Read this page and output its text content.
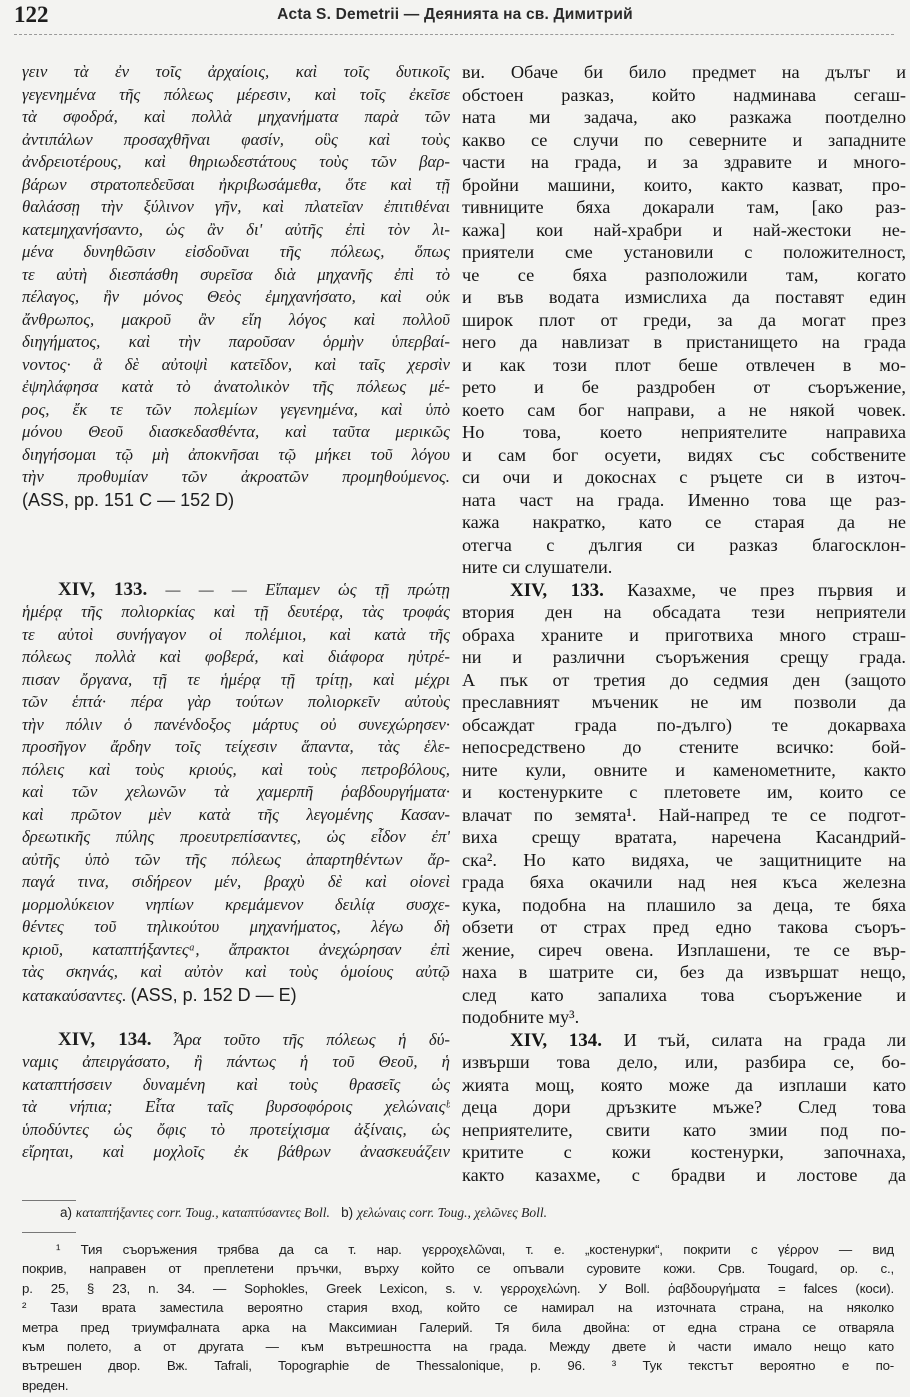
122	Acta S. Demetrii — Деянията на св. Димитрий
γειν τὰ ἐν τοῖς ἀρχαίοις, καὶ τοῖς δυτικοῖς
γεγενημένα τῆς πόλεως μέρεσιν, καὶ τοῖς ἐκεῖσε
τὰ σφοδρά, καὶ πολλὰ μηχανήματα παρὰ τῶν
ἀντιπάλων προσαχθῆναι φασίν, οὓς καὶ τοὺς
ἀνδρειοτέρους, καὶ θηριωδεστάτους τοὺς τῶν βαρ-
βάρων στρατοπεδεῦσαι ἠκριβωσάμεθα, ὅτε καὶ τῇ
θαλάσσῃ τὴν ξύλινον γῆν, καὶ πλατεῖαν ἐπιτιθέναι
κατεμηχανήσαντο, ὡς ἂν δι' αὐτῆς ἐπὶ τὸν λι-
μένα δυνηθῶσιν εἰσδοῦναι τῆς πόλεως, ὅπως
τε αὐτὴ διεσπάσθη συρεῖσα διὰ μηχανῆς ἐπὶ τὸ
πέλαγος, ἣν μόνος Θεὸς ἐμηχανήσατο, καὶ οὐκ
ἄνθρωπος, μακροῦ ἂν εἴη λόγος καὶ πολλοῦ
διηγήματος, καὶ τὴν παροῦσαν ὁρμὴν ὑπερβαί-
νοντος· ἃ δὲ αὐτοψὶ κατεῖδον, καὶ ταῖς χερσὶν
ἐψηλάφησα κατὰ τὸ ἀνατολικὸν τῆς πόλεως μέ-
ρος, ἔκ τε τῶν πολεμίων γεγενημένα, καὶ ὑπὸ
μόνου Θεοῦ διασκεδασθέντα, καὶ ταῦτα μερικῶς
διηγήσομαι τῷ μὴ ἀποκνῆσαι τῷ μήκει τοῦ λόγου
τὴν προθυμίαν τῶν ἀκροατῶν προμηθούμενος.
(ASS, pp. 151 C — 152 D)
XIV, 133. — — — Εἴπαμεν ὡς τῇ πρώτῃ
ἡμέρᾳ τῆς πολιορκίας καὶ τῇ δευτέρᾳ, τὰς τροφάς
τε αὐτοὶ συνήγαγον οἱ πολέμιοι, καὶ κατὰ τῆς
πόλεως πολλὰ καὶ φοβερά, καὶ διάφορα ηὐτρέ-
πισαν ὄργανα, τῇ τε ἡμέρᾳ τῇ τρίτῃ, καὶ μέχρι
τῶν ἑπτά· πέρα γὰρ τούτων πολιορκεῖν αὐτοὺς
τὴν πόλιν ὁ πανένδοξος μάρτυς οὐ συνεχώρησεν·
προσῆγον ἄρδην τοῖς τείχεσιν ἅπαντα, τὰς ἑλε-
πόλεις καὶ τοὺς κριούς, καὶ τοὺς πετροβόλους,
καὶ τῶν χελωνῶν τὰ χαμερπῆ ῥαβδουργήματα·
καὶ πρῶτον μὲν κατὰ τῆς λεγομένης Κασαν-
δρεωτικῆς πύλης προευτρεπίσαντες, ὡς εἶδον ἐπ'
αὐτῆς ὑπὸ τῶν τῆς πόλεως ἀπαρτηθέντων ἄρ-
παγά τινα, σιδήρεον μέν, βραχὺ δὲ καὶ οἱονεὶ
μορμολύκειον νηπίων κρεμάμενον δειλίᾳ συσχε-
θέντες τοῦ τηλικούτου μηχανήματος, λέγω δὴ
κριοῦ, καταπτήξαντεςᵃ, ἄπρακτοι ἀνεχώρησαν ἐπὶ
τὰς σκηνάς, καὶ αὐτὸν καὶ τοὺς ὁμοίους αὐτῷ
κατακαύσαντες. (ASS, p. 152 D — E)
XIV, 134. Ἆρα τοῦτο τῆς πόλεως ἡ δύ-
ναμις ἀπειργάσατο, ἢ πάντως ἡ τοῦ Θεοῦ, ἡ
καταπτήσσειν δυναμένη καὶ τοὺς θρασεῖς ὡς
τὰ νήπια; Εἶτα ταῖς βυρσοφόροις χελώναιςᵇ
ὑποδύντες ὡς ὄφις τὸ προτείχισμα ἀξίναις, ὡς
εἴρηται, καὶ μοχλοῖς ἐκ βάθρων ἀνασκευάζειν
ви. Обаче би било предмет на дълъг и
обстоен разказ, който надминава сегаш-
ната ми задача, ако разкажа поотделно
какво се случи по северните и западните
части на града, и за здравите и много-
бройни машини, които, както казват, про-
тивниците бяха докарали там, [ако раз-
кажа] кои най-храбри и най-жестоки не-
приятели сме установили с положителност,
че се бяха разположили там, когато
и във водата измислиха да поставят един
широк плот от греди, за да могат през
него да навлизат в пристанището на града
и как този плот беше отвлечен в мо-
рето и бе раздробен от съоръжение,
което сам бог направи, а не някой човек.
Но това, което неприятелите направиха
и сам бог осуети, видях със собствените
си очи и докоснах с ръцете си в източ-
ната част на града. Именно това ще раз-
кажа накратко, като се старая да не
отегча с дългия си разказ благосклон-
ните си слушатели.
XIV, 133. Казахме, че през първия и
втория ден на обсадата тези неприятели
обраха храните и приготвиха много страш-
ни и различни съоръжения срещу града.
А пък от третия до седмия ден (защото
преславният мъченик не им позволи да
обсаждат града по-дълго) те докарваха
непосредствено до стените всичко: бой-
ните кули, овните и каменометните, както
и костенурките с плетовете им, които се
влачат по земята¹. Най-напред те се подгот-
виха срещу вратата, наречена Касандрий-
ска². Но като видяха, че защитниците на
града бяха окачили над нея къса железна
кука, подобна на плашило за деца, те бяха
обзети от страх пред едно такова съоръ-
жение, сиреч овена. Изплашени, те се вър-
наха в шатрите си, без да извършат нещо,
след като запалиха това съоръжение и
подобните му³.
XIV, 134. И тъй, силата на града ли
извърши това дело, или, разбира се, бо-
жията мощ, която може да изплаши като
деца дори дръзките мъже? След това
неприятелите, свити като змии под по-
критите с кожи костенурки, започнаха,
както казахме, с брадви и лостове да
a) καταπτήξαντες corr. Toug., καταπτύσαντες Boll. b) χελώναις corr. Toug., χελῶνες Boll.
¹ Тия съоръжения трябва да са т. нар. γερροχελῶναι, т. е. „костенурки“, покрити с γέρρον — вид
покрив, направен от преплетени пръчки, върху който се опъвали суровите кожи. Срв. Tougard, op. c.,
p. 25, § 23, n. 34. — Sophokles, Greek Lexicon, s. v. γερροχελώνη. У Boll. ῥαβδουργήματα = falces (коси).
² Тази врата заместила вероятно стария вход, който се намирал на източната страна, на няколко
метра пред триумфалната арка на Максимиан Галерий. Тя била двойна: от една страна се отваряла
към полето, а от другата — към вътрешността на града. Между двете ѝ части имало нещо като
вътрешен двор. Вж. Tafrali, Topographie de Thessalonique, p. 96. ³ Тук текстът вероятно е по-
вреден.
